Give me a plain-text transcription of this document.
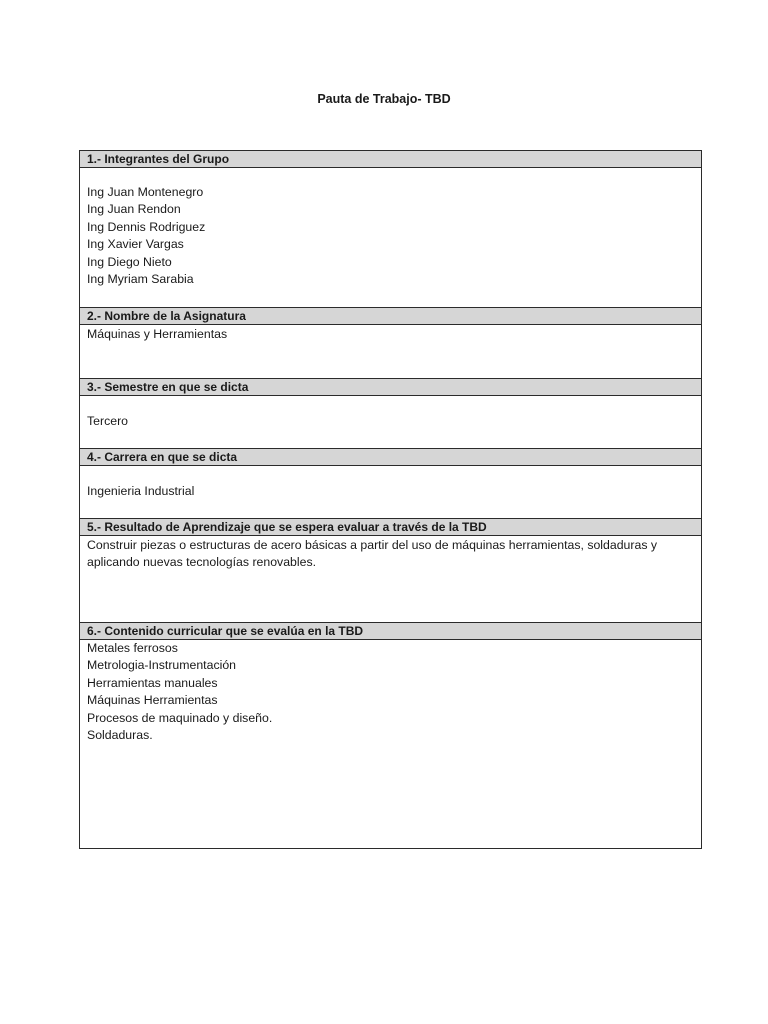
Pauta de Trabajo- TBD
1.- Integrantes del Grupo
Ing Juan Montenegro
Ing Juan Rendon
Ing Dennis Rodriguez
Ing Xavier Vargas
Ing Diego Nieto
Ing Myriam Sarabia
2.- Nombre de la Asignatura
Máquinas y Herramientas
3.- Semestre en que se dicta
Tercero
4.- Carrera en que se dicta
Ingenieria Industrial
5.- Resultado de Aprendizaje que se espera evaluar a través de la TBD
Construir piezas o estructuras de acero básicas a partir del uso de máquinas herramientas, soldaduras y
aplicando nuevas tecnologías renovables.
6.- Contenido curricular que se evalúa en la TBD
Metales ferrosos
Metrologia-Instrumentación
Herramientas manuales
Máquinas Herramientas
Procesos de maquinado y diseño.
Soldaduras.
